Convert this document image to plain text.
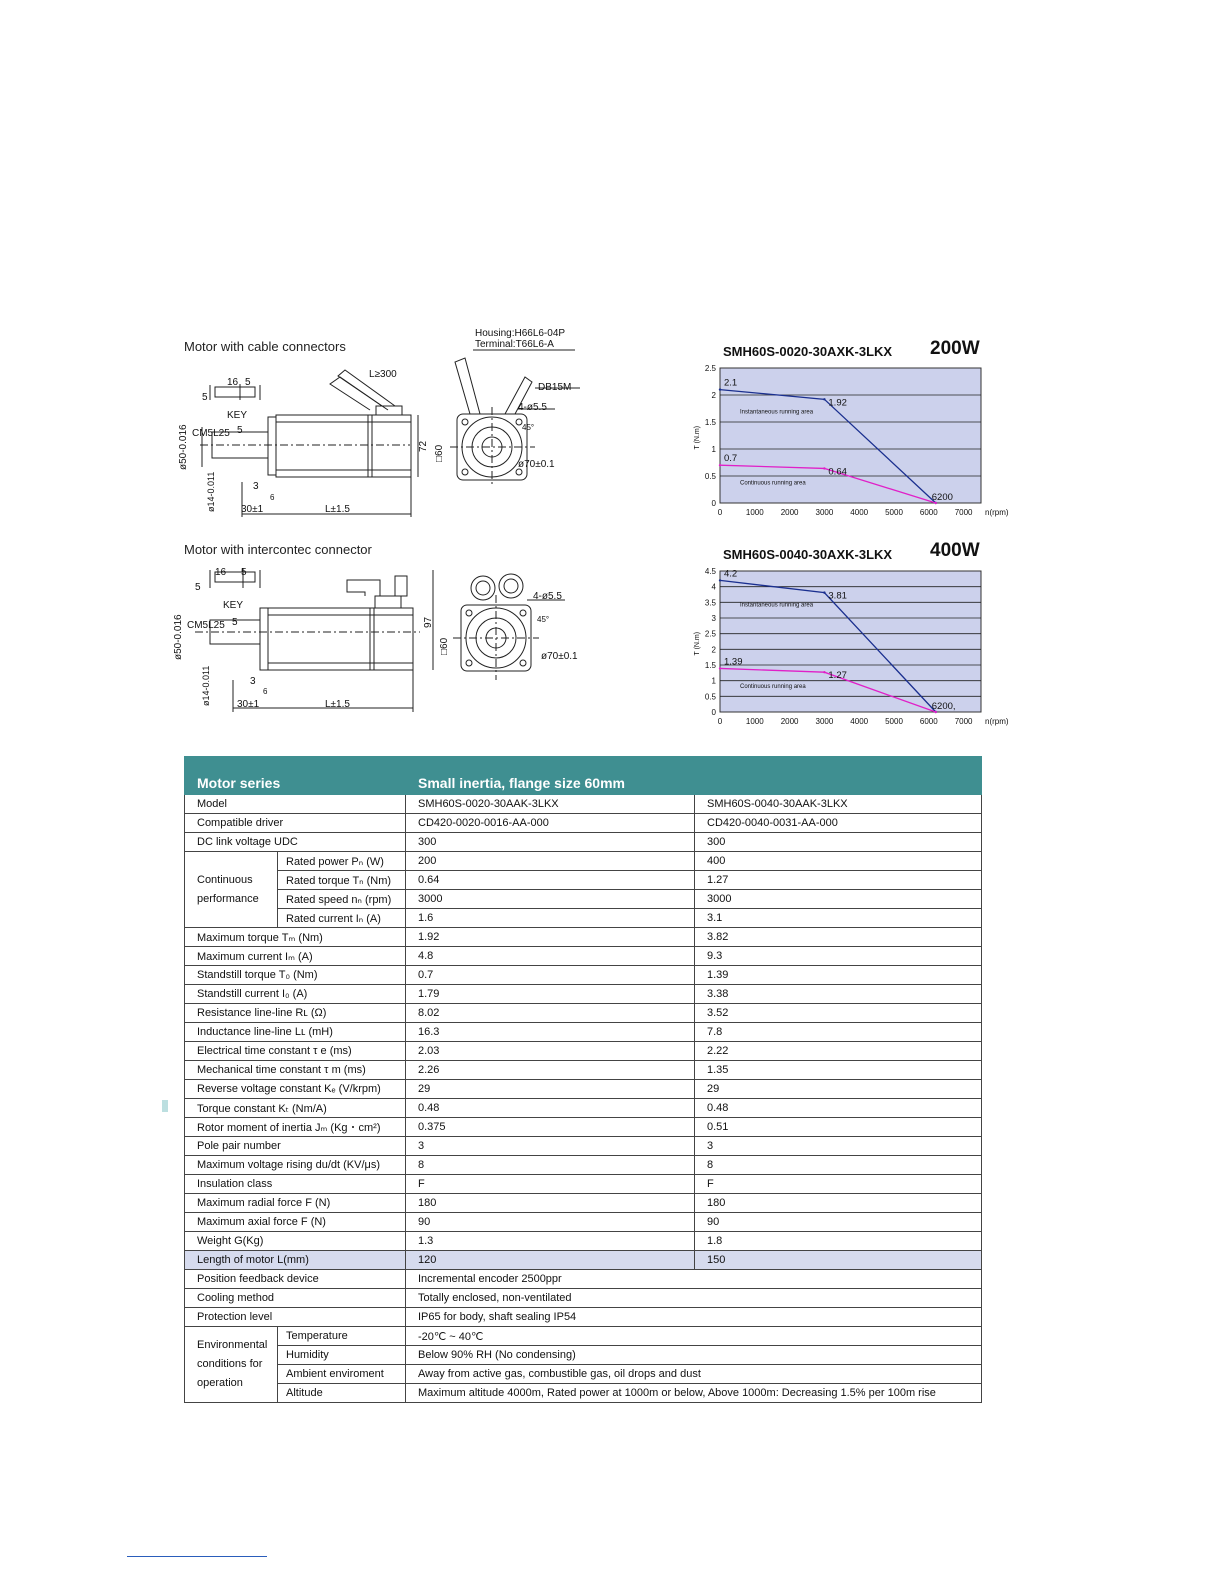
Motor with cable connectors
16 5
5
KEY
CM5L25 5
3
6
30±1	L±1.5
L≥300
Housing:H66L6-04P
Terminal:T66L6-A
DB15M
4-ø5.5
45°
ø70±0.1
72 □60
ø50-0.016
ø14-0.011
Motor with intercontec connector
16 5
5
KEY
CM5L25 5
3
6
30±1	L±1.5
4-ø5.5
45°
ø70±0.1
97
□60
ø50-0.016
ø14-0.011
SMH60S-0020-30AXK-3LKX 200W
0
0.5
1
1.5
2
2.5
0	1000 2000 3000 4000 5000 6000 7000 n(rpm)
T (N.m)
2.1
1.92
0.7
0.64
6200
Instantaneous running area
Continuous running area
SMH60S-0040-30AXK-3LKX 400W
0
0.5
1
1.5
2
2.5
3
3.5
4
4.5
0	1000 2000 3000 4000 5000 6000 7000 n(rpm)
T (N.m)
4.2
3.81
1.39
1.27
6200,
Instantaneous running area
Continuous running area
Motor series		Small inertia, flange size 60mm	
Model		SMH60S-0020-30AAK-3LKX	SMH60S-0040-30AAK-3LKX
Compatible driver		CD420-0020-0016-AA-000	CD420-0040-0031-AA-000
DC link voltage UDC		300	300
Continuous performance	Rated power Pₙ (W)	200	400
	Rated torque Tₙ (Nm)	0.64	1.27
	Rated speed nₙ (rpm)	3000	3000
	Rated current Iₙ (A)	1.6	3.1
Maximum torque Tₘ (Nm)		1.92	3.82
Maximum current Iₘ (A)		4.8	9.3
Standstill torque T₀ (Nm)		0.7	1.39
Standstill current I₀ (A)		1.79	3.38
Resistance line-line Rʟ (Ω)		8.02	3.52
Inductance line-line Lʟ (mH)		16.3	7.8
Electrical time constant τ e (ms)		2.03	2.22
Mechanical time constant τ m (ms)		2.26	1.35
Reverse voltage constant Kₑ (V/krpm)		29	29
Torque constant Kₜ (Nm/A)		0.48	0.48
Rotor moment of inertia Jₘ (Kg・cm²)		0.375	0.51
Pole pair number		3	3
Maximum voltage rising du/dt (KV/μs)		8	8
Insulation class		F	F
Maximum radial force F (N)		180	180
Maximum axial force F (N)		90	90
Weight G(Kg)		1.3	1.8
Length of motor L(mm)		120	150
Position feedback device		Incremental encoder 2500ppr	
Cooling method		Totally enclosed, non-ventilated	
Protection level		IP65 for body, shaft sealing IP54	
Environmental conditions for operation	Temperature	-20℃ ~ 40℃	
	Humidity	Below 90% RH (No condensing)	
	Ambient enviroment	Away from active gas, combustible gas, oil drops and dust	
	Altitude	Maximum altitude 4000m, Rated power at 1000m or below, Above 1000m: Decreasing 1.5% per 100m rise	
